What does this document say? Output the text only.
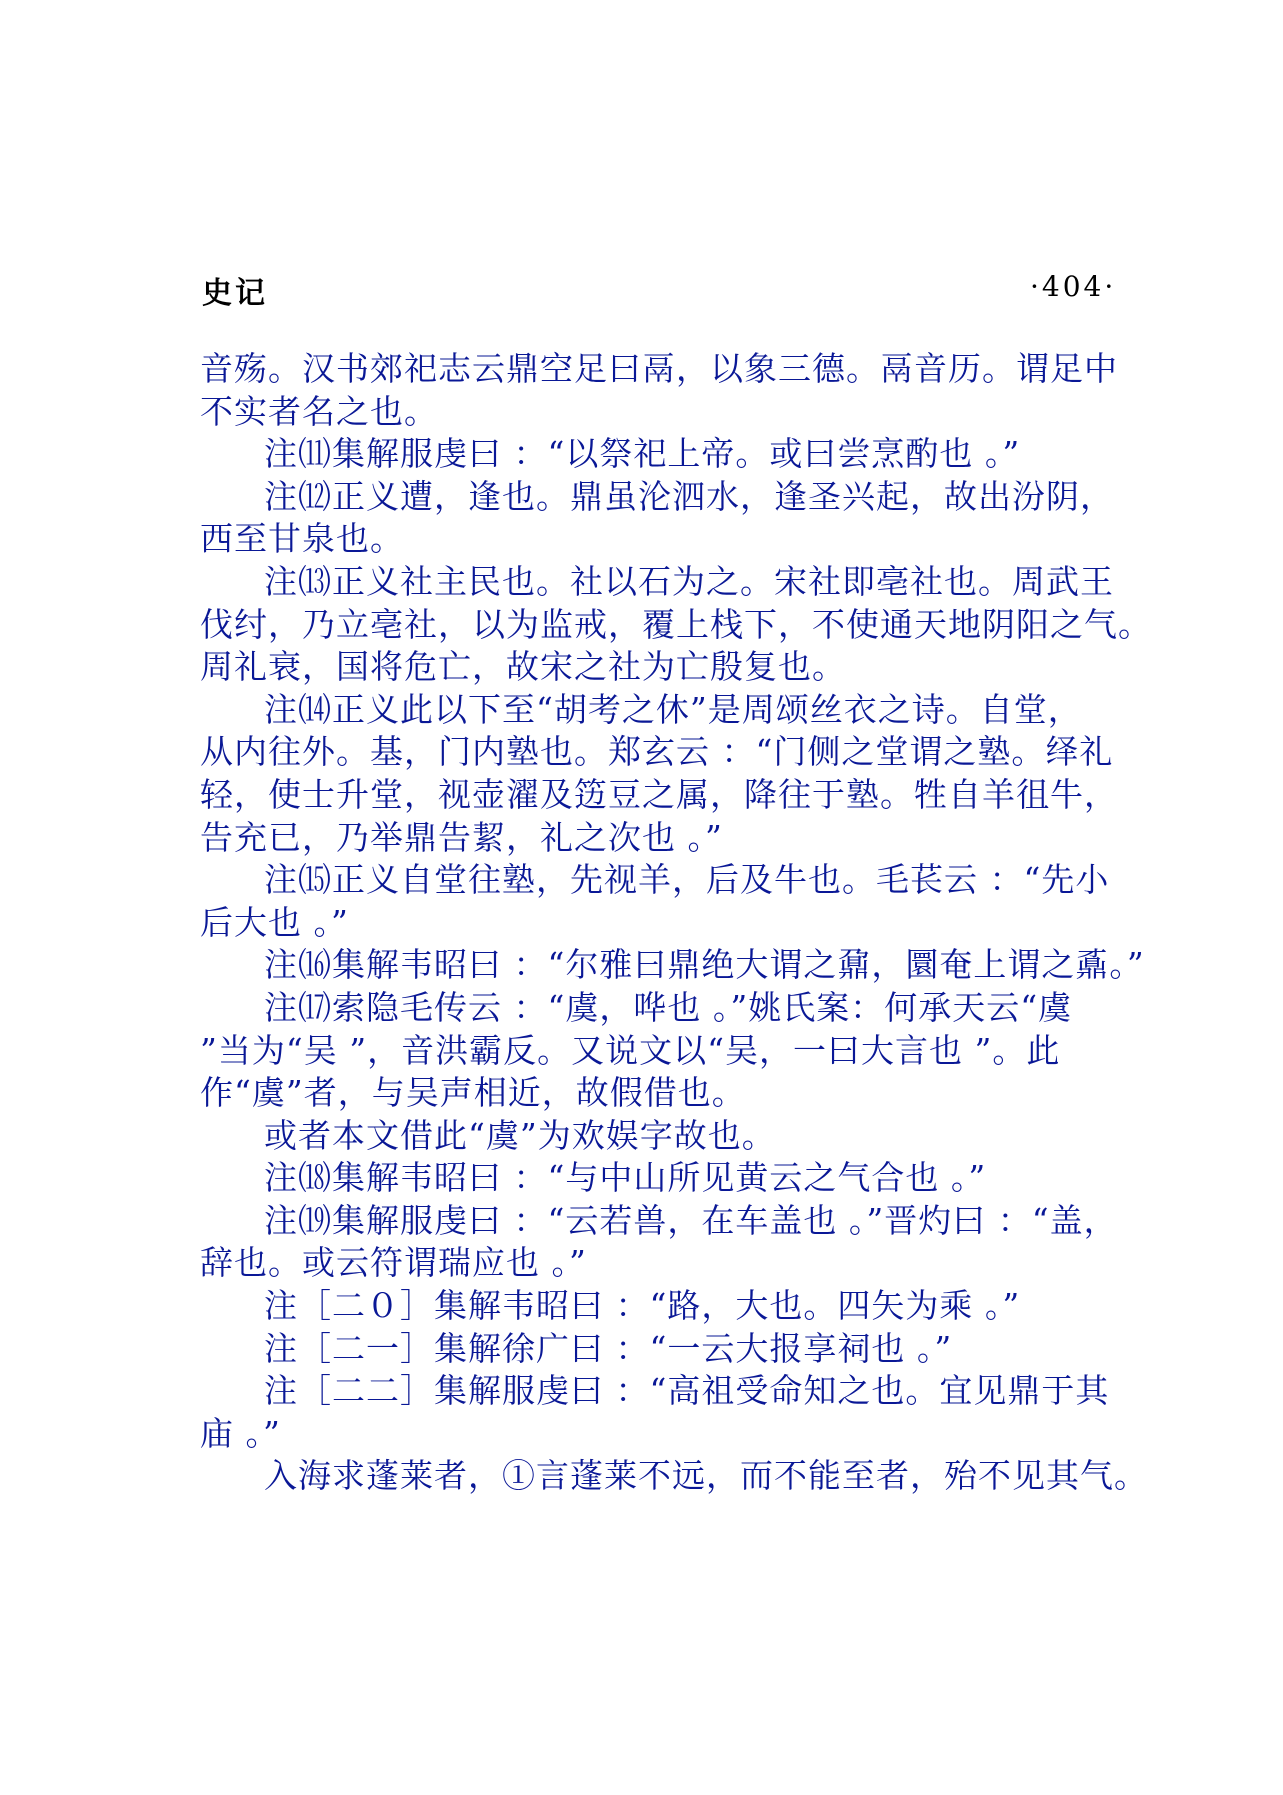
史记	·404·
音殇。汉书郊祀志云鼎空足曰鬲，以象三德。鬲音历。谓足中
不实者名之也。
注⑾集解服虔曰 ：“以祭祀上帝。或曰尝烹酌也 。”
注⑿正义遭，逢也。鼎虽沦泗水，逢圣兴起，故出汾阴，
西至甘泉也。
注⒀正义社主民也。社以石为之。宋社即亳社也。周武王
伐纣，乃立亳社，以为监戒，覆上栈下，不使通天地阴阳之气。
周礼衰，国将危亡，故宋之社为亡殷复也。
注⒁正义此以下至“胡考之休”是周颂丝衣之诗。自堂，
从内往外。基，门内塾也。郑玄云 ：“门侧之堂谓之塾。绎礼
轻，使士升堂，视壶濯及笾豆之属，降往于塾。牲自羊徂牛，
告充已，乃举鼎告絜，礼之次也 。”
注⒂正义自堂往塾，先视羊，后及牛也。毛苌云 ：“先小
后大也 。”
注⒃集解韦昭曰 ：“尔雅曰鼎绝大谓之鼐，圜奄上谓之鼒。”
注⒄索隐毛传云 ：“虞，哗也 。”姚氏案：何承天云“虞
”当为“吴 ”，音洪霸反。又说文以“吴，一曰大言也 ”。此
作“虞”者，与吴声相近，故假借也。
或者本文借此“虞”为欢娱字故也。
注⒅集解韦昭曰 ：“与中山所见黄云之气合也 。”
注⒆集解服虔曰 ：“云若兽，在车盖也 。”晋灼曰 ：“盖，
辞也。或云符谓瑞应也 。”
注［二０］集解韦昭曰 ：“路，大也。四矢为乘 。”
注［二一］集解徐广曰 ：“一云大报享祠也 。”
注［二二］集解服虔曰 ：“高祖受命知之也。宜见鼎于其
庙 。”
入海求蓬莱者，①言蓬莱不远，而不能至者，殆不见其气。
